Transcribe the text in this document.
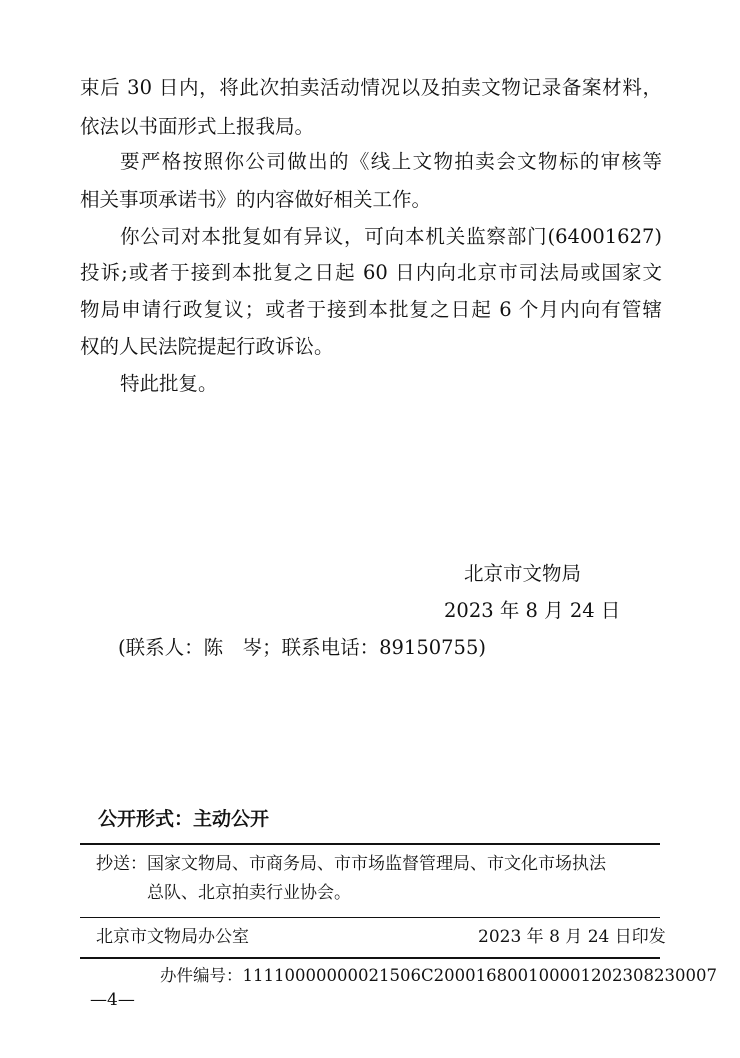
束后 30 日内，将此次拍卖活动情况以及拍卖文物记录备案材料，
依法以书面形式上报我局。
要严格按照你公司做出的《线上文物拍卖会文物标的审核等
相关事项承诺书》的内容做好相关工作。
你公司对本批复如有异议，可向本机关监察部门(64001627)
投诉;或者于接到本批复之日起 60 日内向北京市司法局或国家文
物局申请行政复议；或者于接到本批复之日起 6 个月内向有管辖
权的人民法院提起行政诉讼。
特此批复。
北京市文物局
2023 年 8 月 24 日
(联系人：陈　岑；联系电话：89150755)
公开形式：主动公开
抄送：国家文物局、市商务局、市市场监督管理局、市文化市场执法
　　　总队、北京拍卖行业协会。
北京市文物局办公室	2023 年 8 月 24 日印发
办件编号：11110000000021506C20001680010000120230823000​7
—4—
